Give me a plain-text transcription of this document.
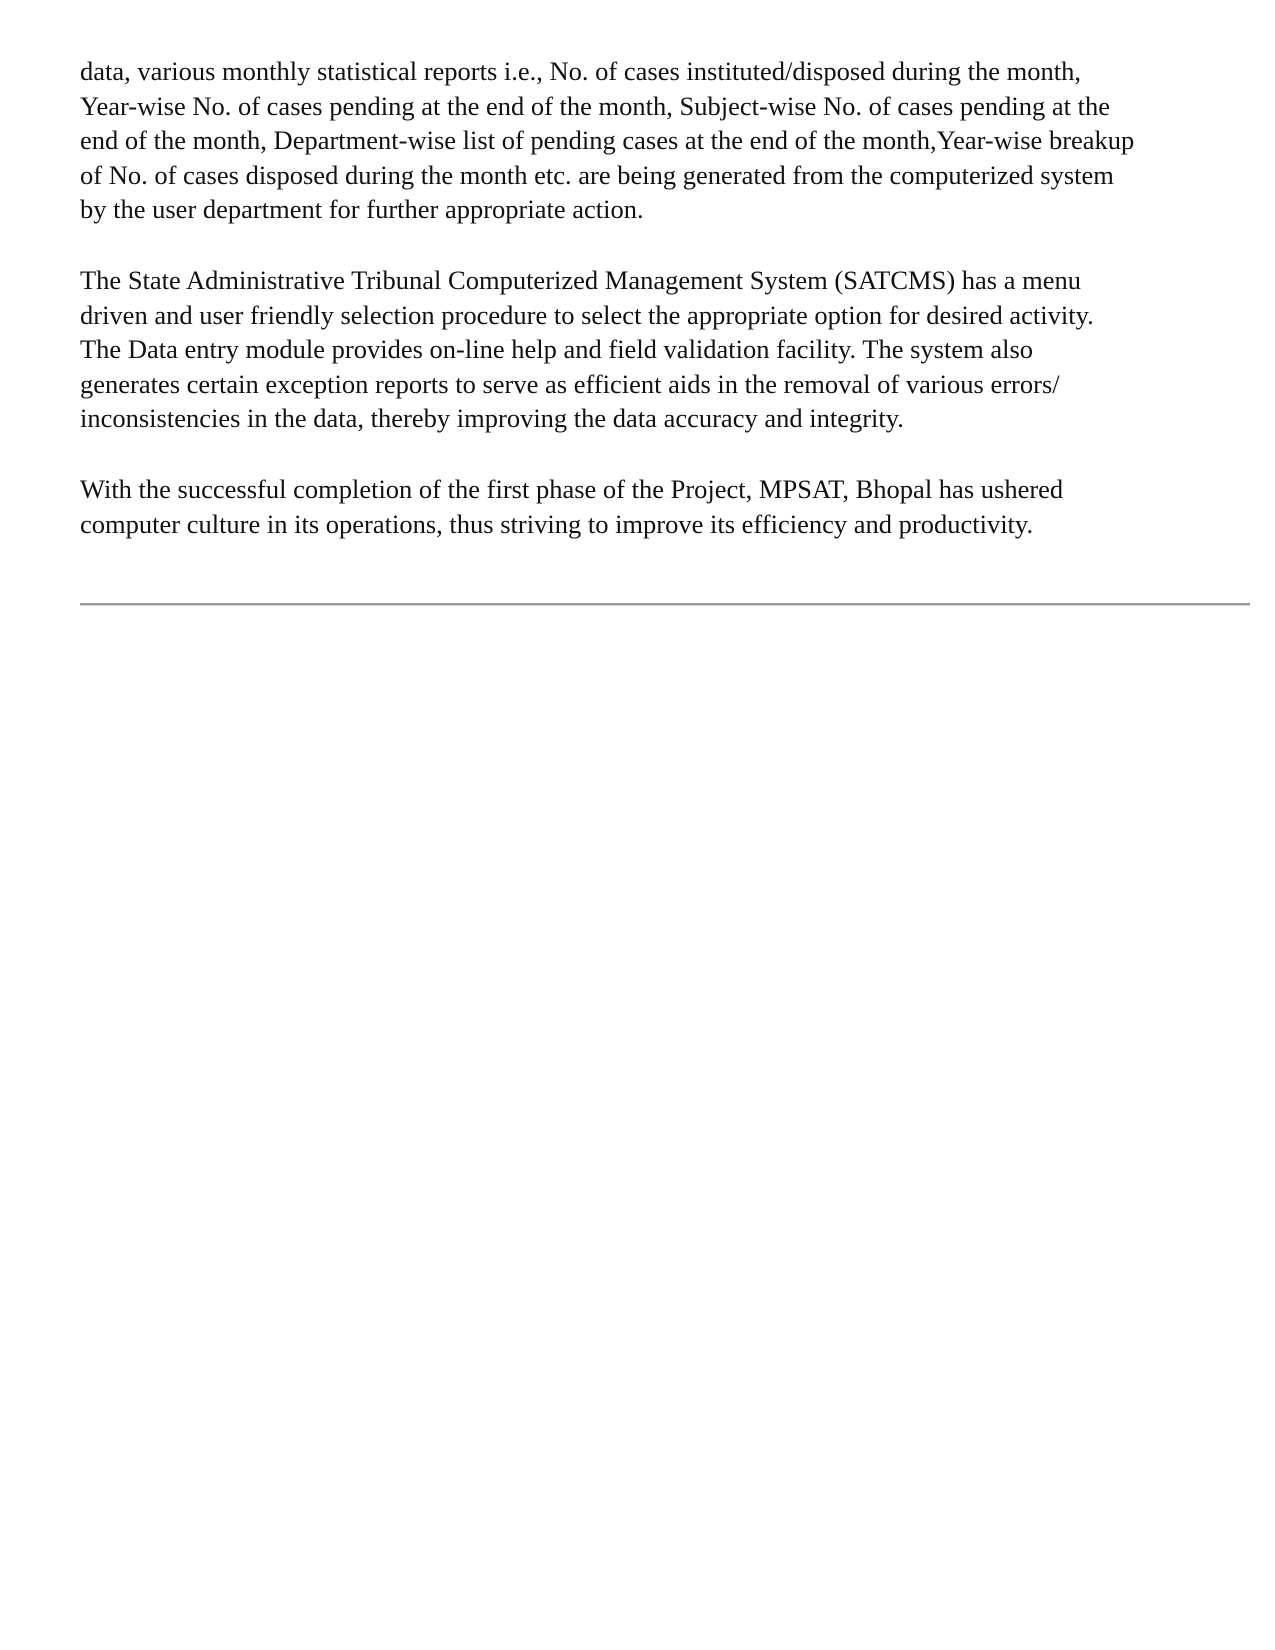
data, various monthly statistical reports i.e., No. of cases instituted/disposed during the month,
Year-wise No. of cases pending at the end of the month, Subject-wise No. of cases pending at the
end of the month, Department-wise list of pending cases at the end of the month,Year-wise breakup
of No. of cases disposed during the month etc. are being generated from the computerized system
by the user department for further appropriate action.

The State Administrative Tribunal Computerized Management System (SATCMS) has a menu
driven and user friendly selection procedure to select the appropriate option for desired activity.
The Data entry module provides on-line help and field validation facility. The system also
generates certain exception reports to serve as efficient aids in the removal of various errors/
inconsistencies in the data, thereby improving the data accuracy and integrity.

With the successful completion of the first phase of the Project, MPSAT, Bhopal has ushered
computer culture in its operations, thus striving to improve its efficiency and productivity.
